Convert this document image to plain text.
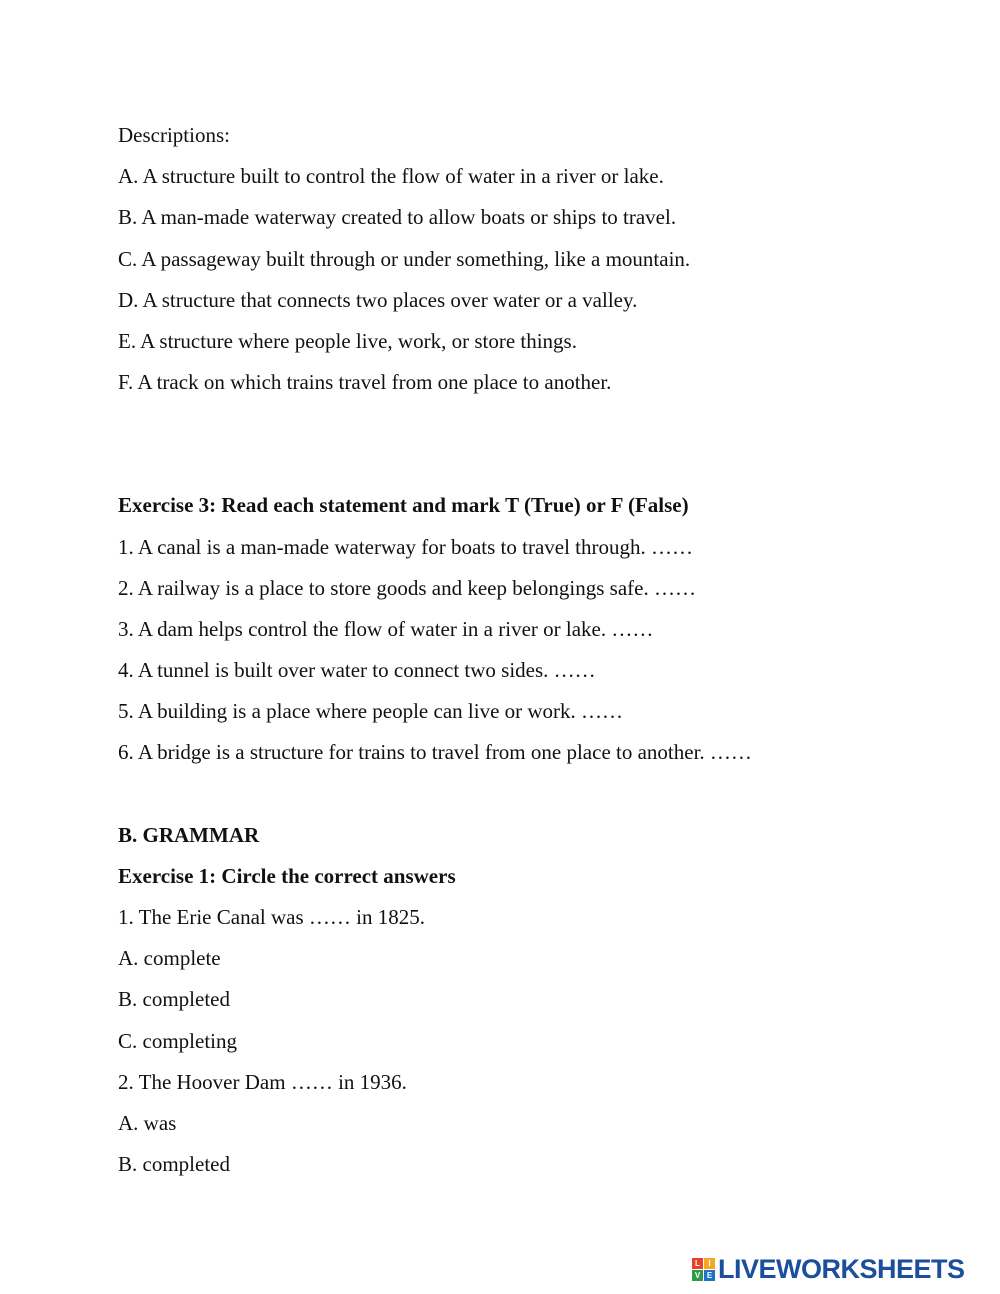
Descriptions:
A. A structure built to control the flow of water in a river or lake.
B. A man-made waterway created to allow boats or ships to travel.
C. A passageway built through or under something, like a mountain.
D. A structure that connects two places over water or a valley.
E. A structure where people live, work, or store things.
F. A track on which trains travel from one place to another.
Exercise 3: Read each statement and mark T (True) or F (False)
1. A canal is a man-made waterway for boats to travel through. ……
2. A railway is a place to store goods and keep belongings safe. ……
3. A dam helps control the flow of water in a river or lake. ……
4. A tunnel is built over water to connect two sides. ……
5. A building is a place where people can live or work. ……
6. A bridge is a structure for trains to travel from one place to another. ……
B. GRAMMAR
Exercise 1: Circle the correct answers
1. The Erie Canal was …… in 1825.
A. complete
B. completed
C. completing
2. The Hoover Dam …… in 1936.
A. was
B. completed
L	I
V E LIVEWORKSHEETS
